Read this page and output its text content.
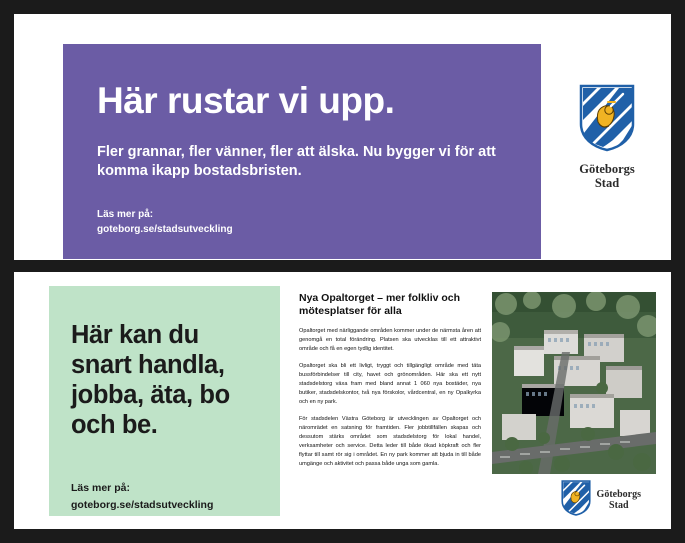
Här rustar vi upp.
Fler grannar, fler vänner, fler att älska. Nu bygger vi för att komma ikapp bostadsbristen.
Läs mer på:
goteborg.se/stadsutveckling
Göteborgs
Stad
Här kan du snart handla, jobba, äta, bo och be.
Läs mer på:
goteborg.se/stadsutveckling
Nya Opaltorget – mer folkliv och mötesplatser för alla

Opaltorget med närliggande områden kommer under de närmsta åren att genomgå en total förändring. Platsen ska utvecklas till ett attraktivt område och få en egen tydlig identitet.

Opaltorget ska bli ett livligt, tryggt och tillgängligt område med täta bussförbindelser till city, havet och grönområden. Här ska ett nytt stadsdelstorg växa fram med bland annat 1 060 nya bostäder, nya butiker, stadsdelskontor, två nya förskolor, vårdcentral, en ny Opalkyrka och en ny park.

För stadsdelen Västra Göteborg är utvecklingen av Opaltorget och näromrädet en satsning för framtiden. Fler jobbtillfällen skapas och dessutom stärks området som stadsdelstorg för lokal handel, verksamheter och service. Detta leder till både ökad köpkraft och fler flyttar till samt rör sig i området. En ny park kommer att bjuda in till både umgänge och aktivitet och passa både unga som gamla.

Göteborgs
Stad
